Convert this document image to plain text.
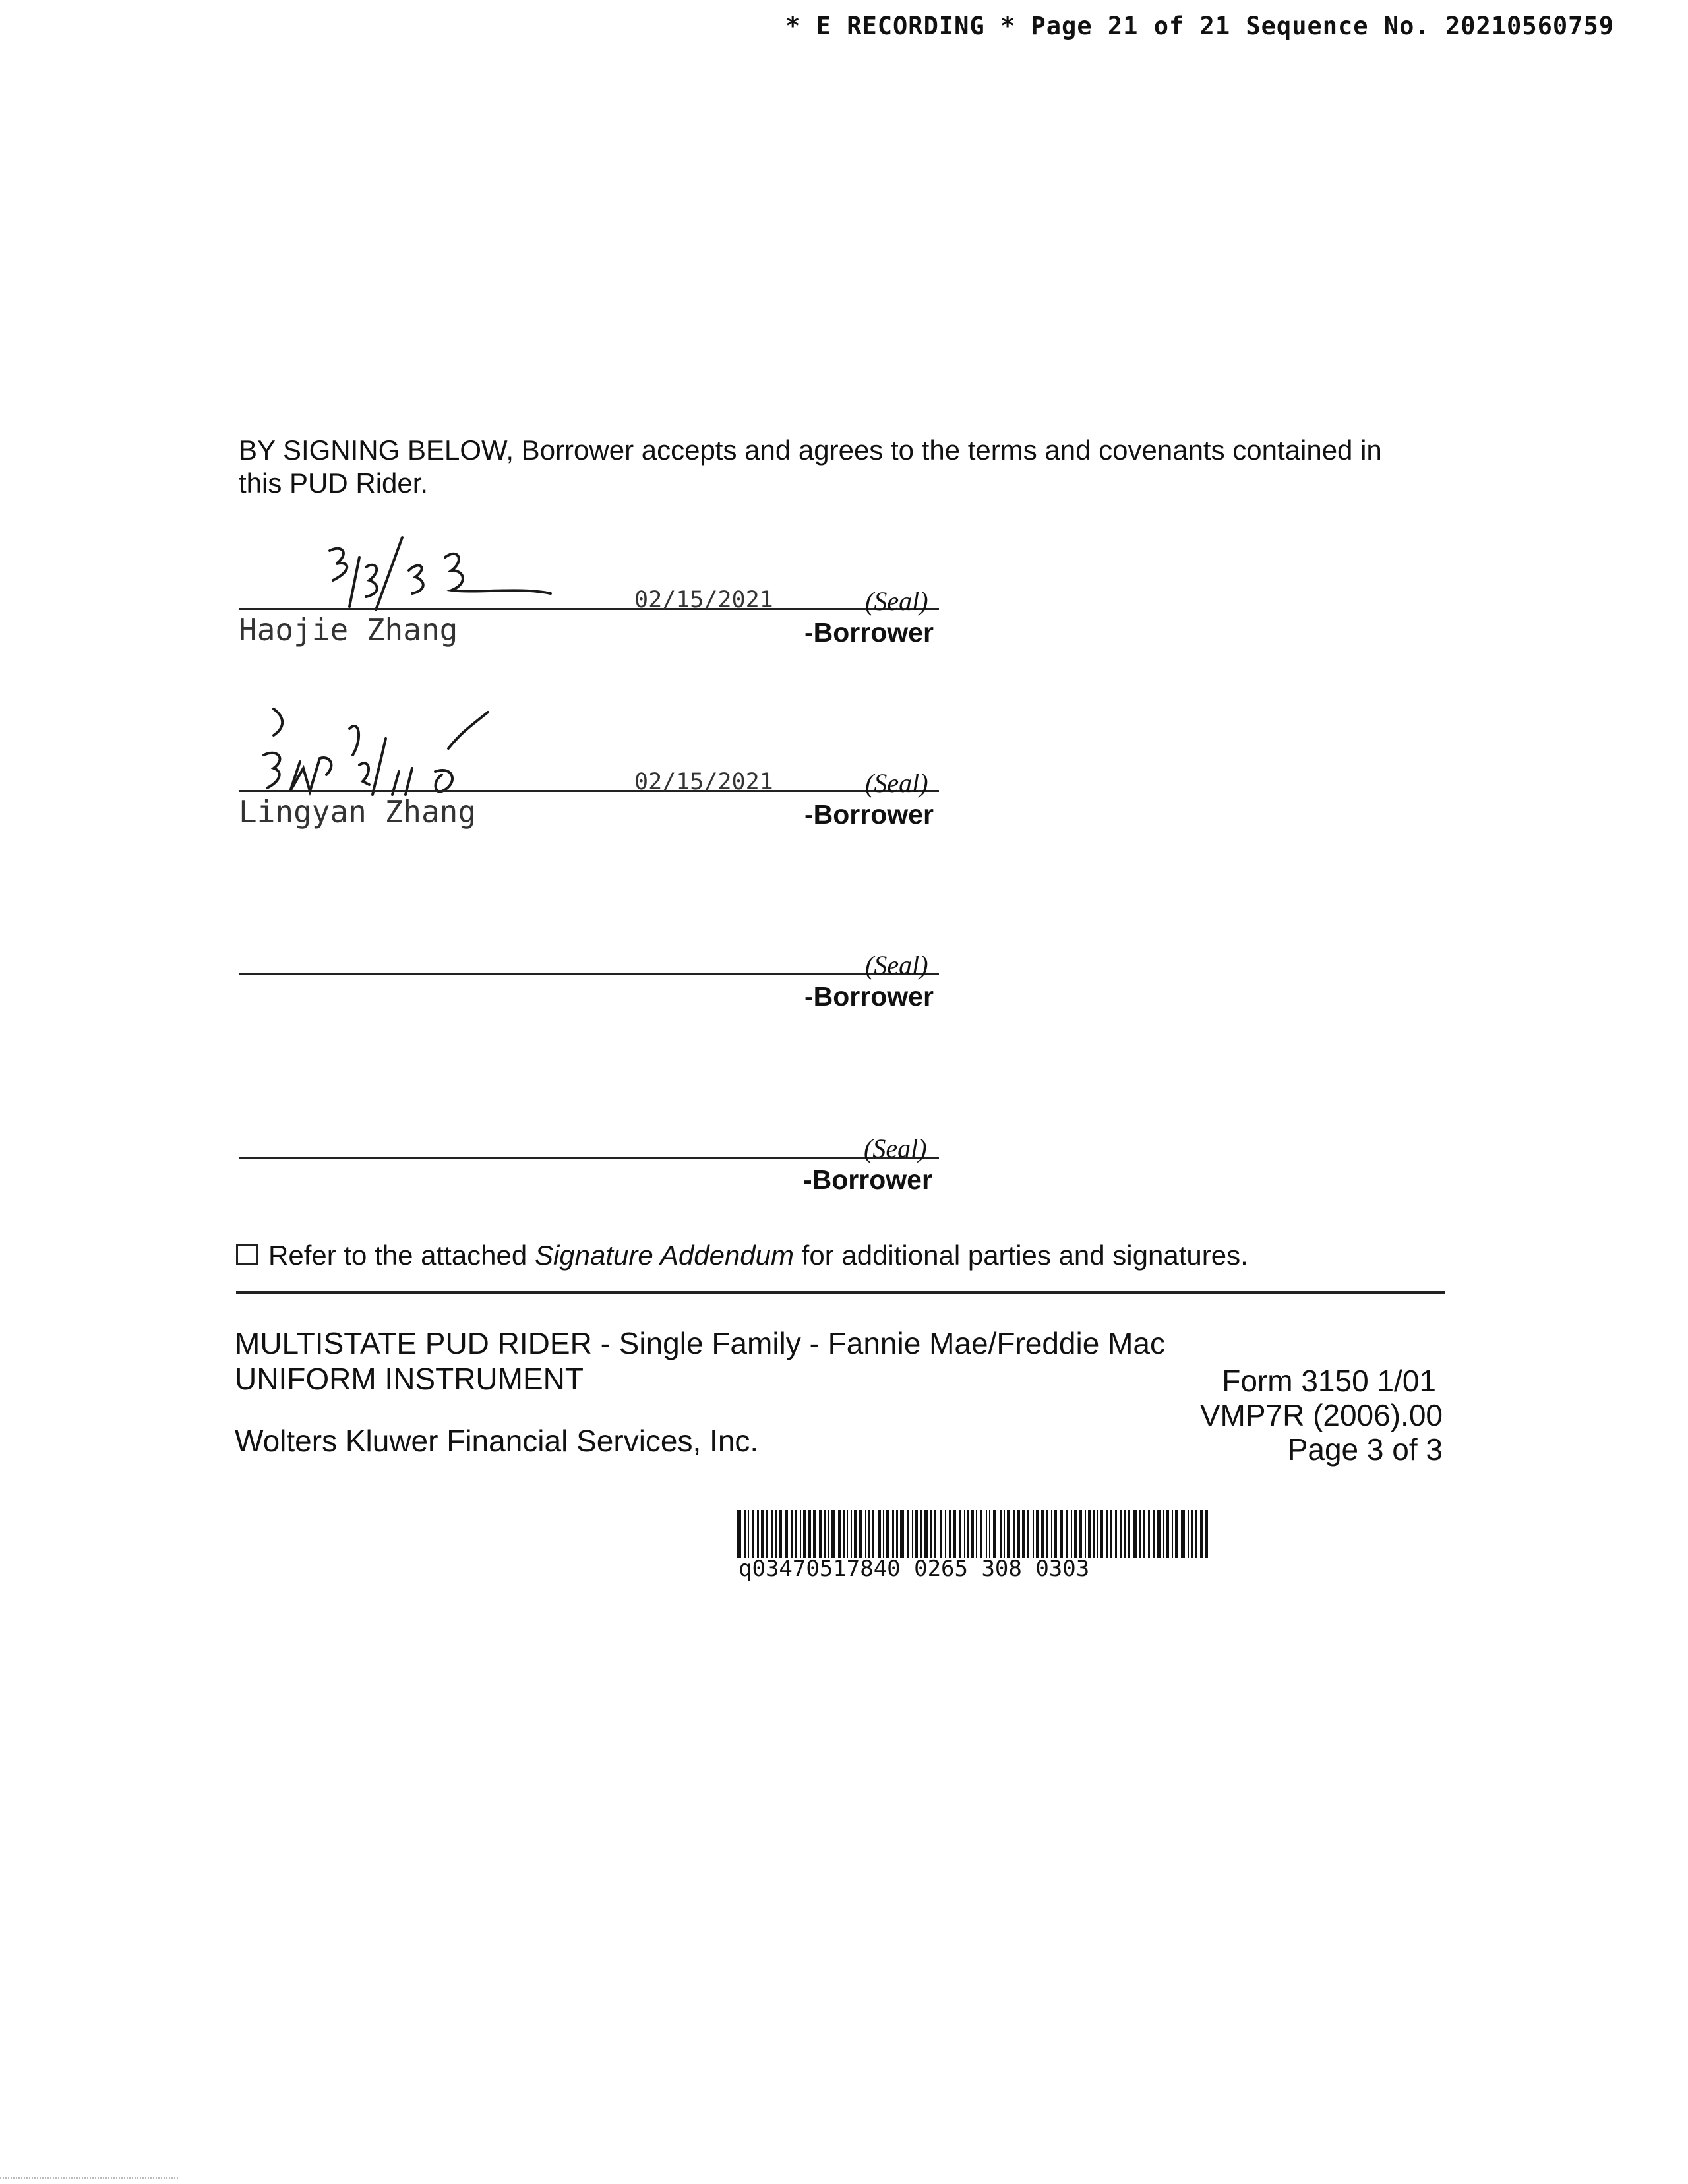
* E RECORDING * Page 21 of 21 Sequence No. 20210560759
BY SIGNING BELOW, Borrower accepts and agrees to the terms and covenants contained in this PUD Rider.
Haojie Zhang
02/15/2021	(Seal)
-Borrower
Lingyan Zhang
02/15/2021	(Seal)
-Borrower
(Seal)
-Borrower
(Seal)
-Borrower
Refer to the attached Signature Addendum for additional parties and signatures.
MULTISTATE PUD RIDER - Single Family - Fannie Mae/Freddie Mac
UNIFORM INSTRUMENT	Form 3150 1/01
VMP7R (2006).00
Page 3 of 3
Wolters Kluwer Financial Services, Inc.
q03470517840 0265 308 0303
